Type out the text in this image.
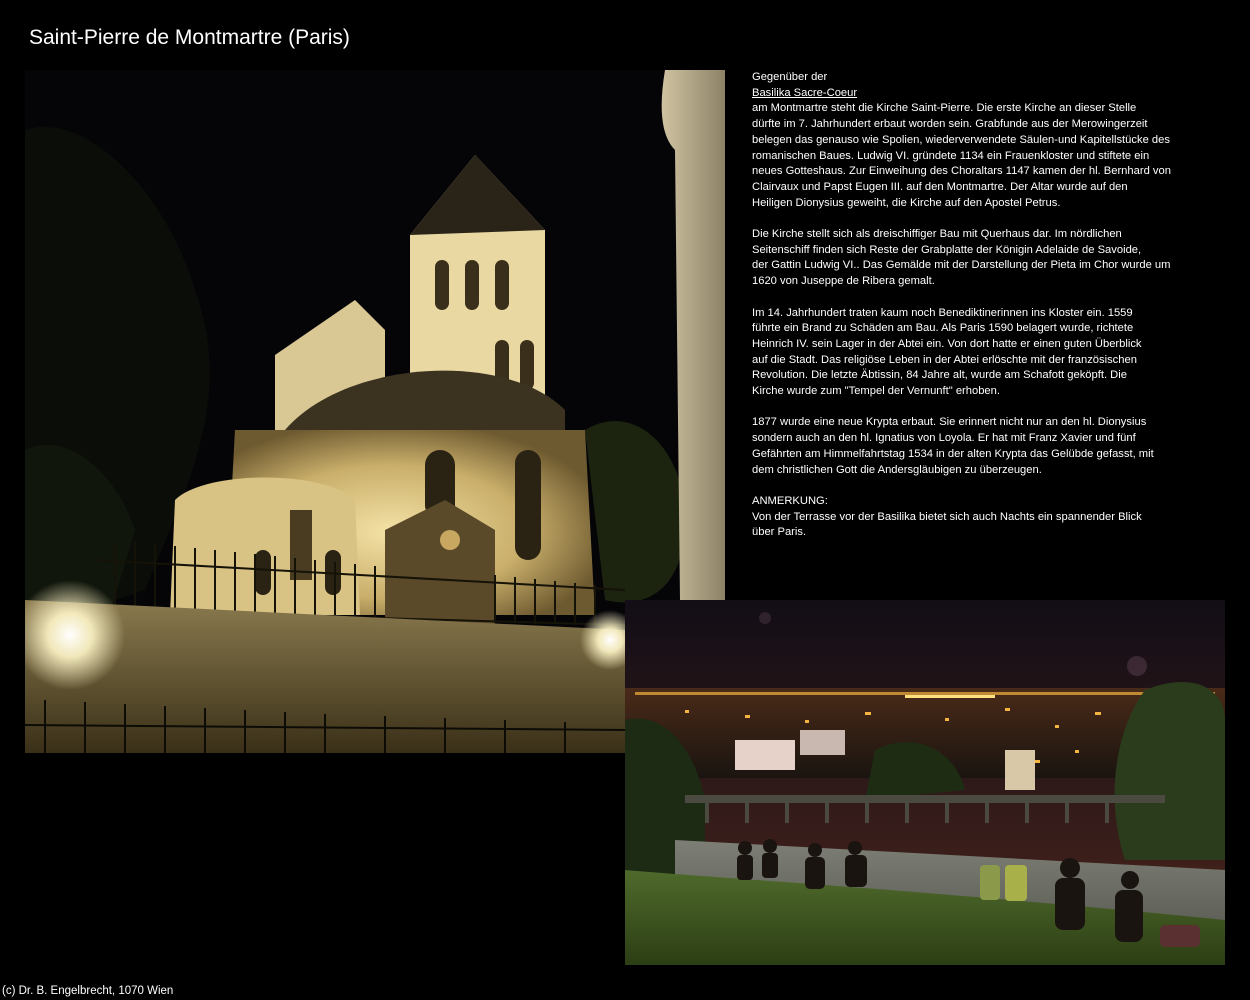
Saint-Pierre de Montmartre (Paris)

Gegenüber der
Basilika Sacre-Coeur
am Montmartre steht die Kirche Saint-Pierre. Die erste Kirche an dieser Stelle
dürfte im 7. Jahrhundert erbaut worden sein. Grabfunde aus der Merowingerzeit
belegen das genauso wie Spolien, wiederverwendete Säulen-und Kapitellstücke des
romanischen Baues. Ludwig VI. gründete 1134 ein Frauenkloster und stiftete ein
neues Gotteshaus. Zur Einweihung des Choraltars 1147 kamen der hl. Bernhard von
Clairvaux und Papst Eugen III. auf den Montmartre. Der Altar wurde auf den
Heiligen Dionysius geweiht, die Kirche auf den Apostel Petrus.

Die Kirche stellt sich als dreischiffiger Bau mit Querhaus dar. Im nördlichen
Seitenschiff finden sich Reste der Grabplatte der Königin Adelaide de Savoide,
der Gattin Ludwig VI.. Das Gemälde mit der Darstellung der Pieta im Chor wurde um
1620 von Juseppe de Ribera gemalt.

Im 14. Jahrhundert traten kaum noch Benediktinerinnen ins Kloster ein. 1559
führte ein Brand zu Schäden am Bau. Als Paris 1590 belagert wurde, richtete
Heinrich IV. sein Lager in der Abtei ein. Von dort hatte er einen guten Überblick
auf die Stadt. Das religiöse Leben in der Abtei erlöschte mit der französischen
Revolution. Die letzte Äbtissin, 84 Jahre alt, wurde am Schafott geköpft. Die
Kirche wurde zum "Tempel der Vernunft" erhoben.

1877 wurde eine neue Krypta erbaut. Sie erinnert nicht nur an den hl. Dionysius
sondern auch an den hl. Ignatius von Loyola. Er hat mit Franz Xavier und fünf
Gefährten am Himmelfahrtstag 1534 in der alten Krypta das Gelübde gefasst, mit
dem christlichen Gott die Andersgläubigen zu überzeugen.

ANMERKUNG:
Von der Terrasse vor der Basilika bietet sich auch Nachts ein spannender Blick
über Paris.

(c) Dr. B. Engelbrecht, 1070 Wien
